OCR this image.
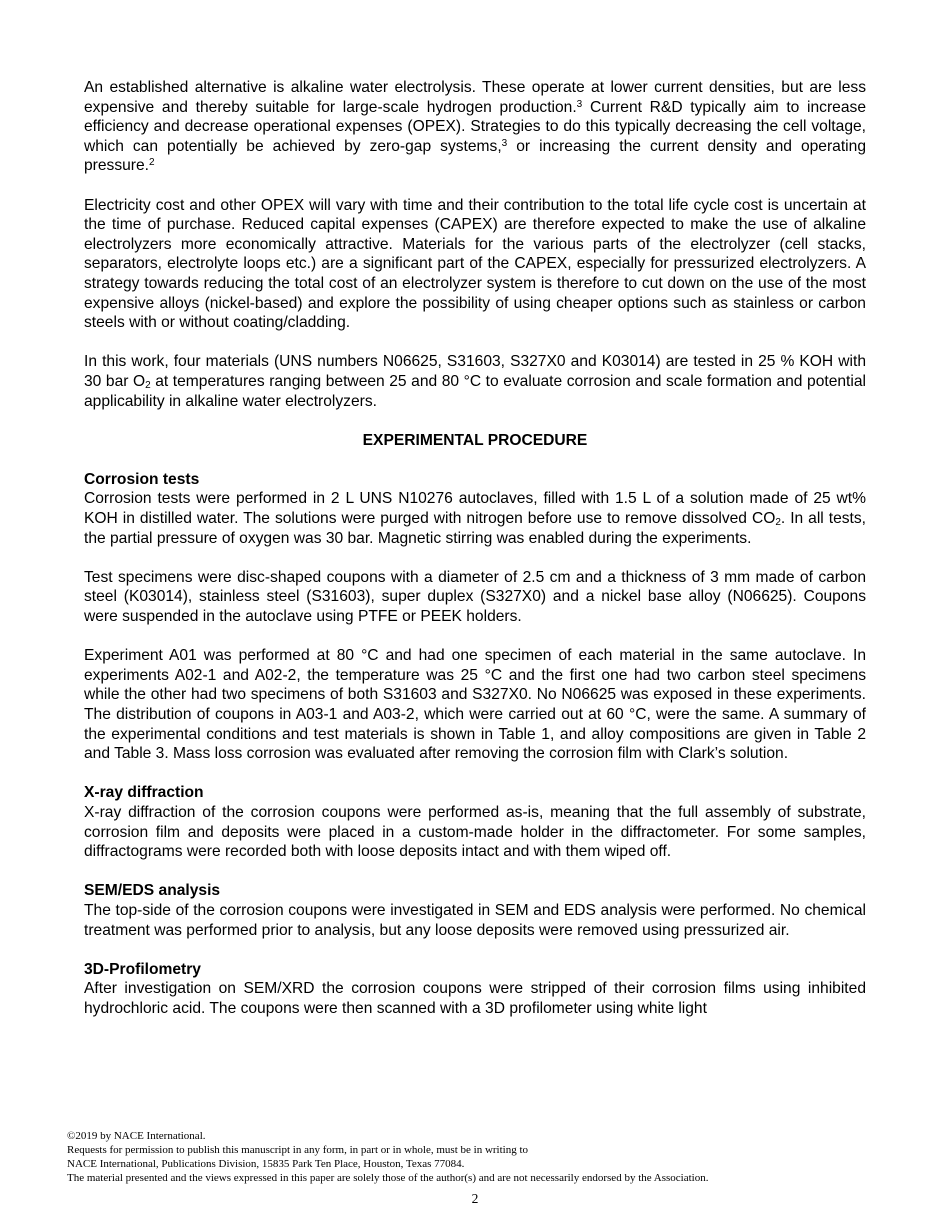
An established alternative is alkaline water electrolysis. These operate at lower current densities, but are less expensive and thereby suitable for large-scale hydrogen production.$^3$ Current R&D typically aim to increase efficiency and decrease operational expenses (OPEX). Strategies to do this typically decreasing the cell voltage, which can potentially be achieved by zero-gap systems,$^3$ or increasing the current density and operating pressure.$^2$

Electricity cost and other OPEX will vary with time and their contribution to the total life cycle cost is uncertain at the time of purchase. Reduced capital expenses (CAPEX) are therefore expected to make the use of alkaline electrolyzers more economically attractive. Materials for the various parts of the electrolyzer (cell stacks, separators, electrolyte loops etc.) are a significant part of the CAPEX, especially for pressurized electrolyzers. A strategy towards reducing the total cost of an electrolyzer system is therefore to cut down on the use of the most expensive alloys (nickel-based) and explore the possibility of using cheaper options such as stainless or carbon steels with or without coating/cladding.

In this work, four materials (UNS numbers N06625, S31603, S327X0 and K03014) are tested in 25 % KOH with 30 bar $O_2$ at temperatures ranging between 25 and 80 °C to evaluate corrosion and scale formation and potential applicability in alkaline water electrolyzers.

EXPERIMENTAL PROCEDURE
Corrosion tests

Corrosion tests were performed in 2 L UNS N10276 autoclaves, filled with 1.5 L of a solution made of 25 wt% KOH in distilled water. The solutions were purged with nitrogen before use to remove dissolved $CO_2$. In all tests, the partial pressure of oxygen was 30 bar. Magnetic stirring was enabled during the experiments.

Test specimens were disc-shaped coupons with a diameter of 2.5 cm and a thickness of 3 mm made of carbon steel (K03014), stainless steel (S31603), super duplex (S327X0) and a nickel base alloy (N06625). Coupons were suspended in the autoclave using PTFE or PEEK holders.

Experiment A01 was performed at 80 °C and had one specimen of each material in the same autoclave. In experiments A02-1 and A02-2, the temperature was 25 °C and the first one had two carbon steel specimens while the other had two specimens of both S31603 and S327X0. No N06625 was exposed in these experiments. The distribution of coupons in A03-1 and A03-2, which were carried out at 60 °C, were the same. A summary of the experimental conditions and test materials is shown in Table 1, and alloy compositions are given in Table 2 and Table 3. Mass loss corrosion was evaluated after removing the corrosion film with Clark’s solution.

X-ray diffraction

X-ray diffraction of the corrosion coupons were performed as-is, meaning that the full assembly of substrate, corrosion film and deposits were placed in a custom-made holder in the diffractometer. For some samples, diffractograms were recorded both with loose deposits intact and with them wiped off.

SEM/EDS analysis

The top-side of the corrosion coupons were investigated in SEM and EDS analysis were performed. No chemical treatment was performed prior to analysis, but any loose deposits were removed using pressurized air.

3D-Profilometry

After investigation on SEM/XRD the corrosion coupons were stripped of their corrosion films using inhibited hydrochloric acid. The coupons were then scanned with a 3D profilometer using white light

©2019 by NACE International.
Requests for permission to publish this manuscript in any form, in part or in whole, must be in writing to
NACE International, Publications Division, 15835 Park Ten Place, Houston, Texas 77084.
The material presented and the views expressed in this paper are solely those of the author(s) and are not necessarily endorsed by the Association.
2
